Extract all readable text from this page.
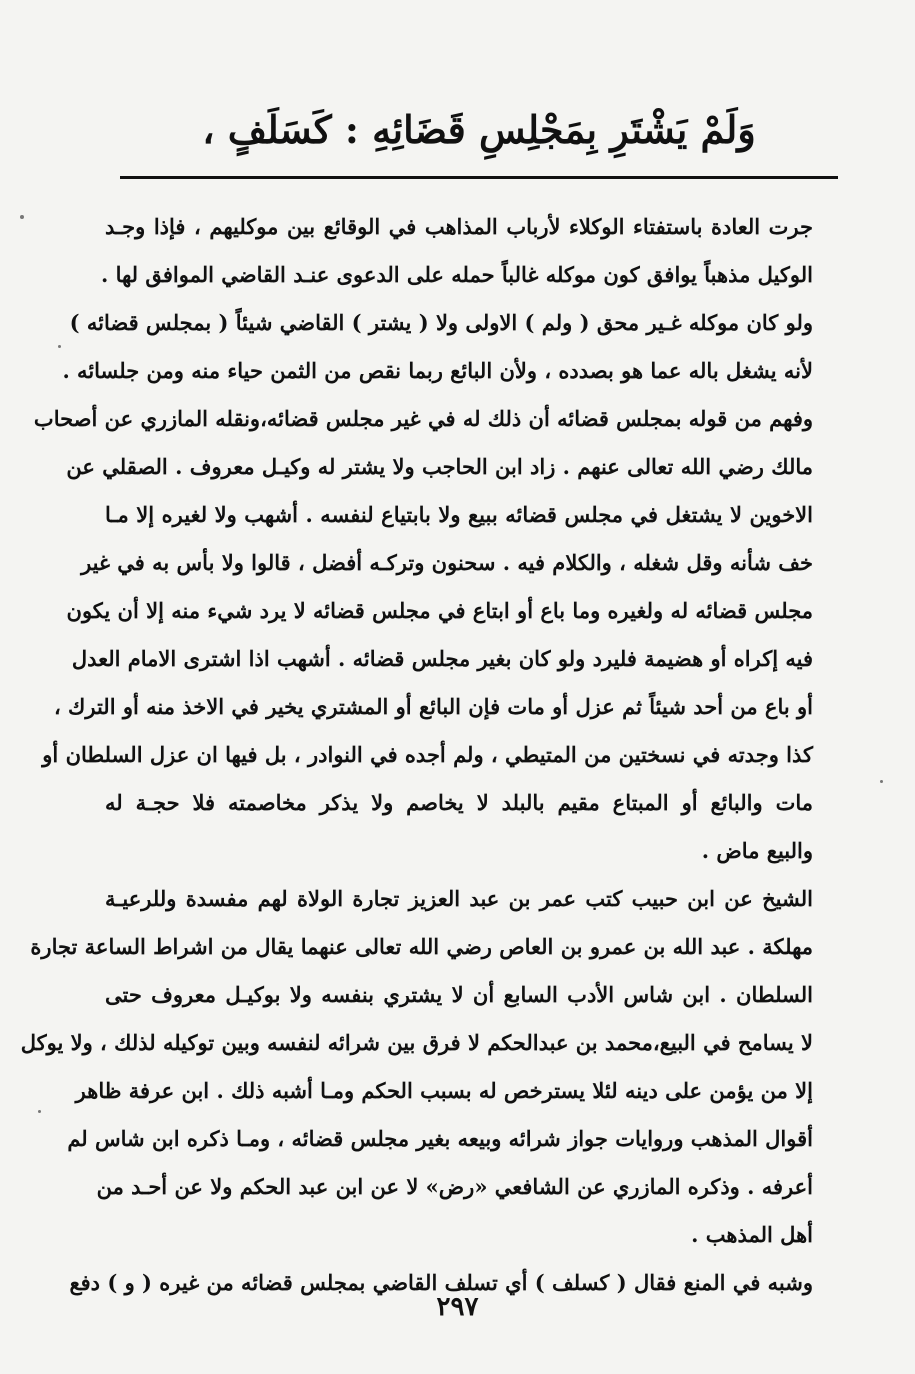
وَلَمْ يَشْتَرِ بِمَجْلِسِ قَضَائِهِ : كَسَلَفٍ ،
جرت العادة باستفتاء الوكلاء لأرباب المذاهب في الوقائع بين موكليهم ، فإذا وجـد
الوكيل مذهباً يوافق كون موكله غالباً حمله على الدعوى عنـد القاضي الموافق لها .
ولو كان موكله غـير محق ( ولم ) الاولى ولا ( يشتر ) القاضي شيئاً ( بمجلس قضائه )
لأنه يشغل باله عما هو بصدده ، ولأن البائع ربما نقص من الثمن حياء منه ومن جلسائه .
وفهم من قوله بمجلس قضائه أن ذلك له في غير مجلس قضائه،ونقله المازري عن أصحاب
مالك رضي الله تعالى عنهم . زاد ابن الحاجب ولا يشتر له وكيـل معروف . الصقلي عن
الاخوين لا يشتغل في مجلس قضائه ببيع ولا بابتياع لنفسه . أشهب ولا لغيره إلا مـا
خف شأنه وقل شغله ، والكلام فيه . سحنون وتركـه أفضل ، قالوا ولا بأس به في غير
مجلس قضائه له ولغيره وما باع أو ابتاع في مجلس قضائه لا يرد شيء منه إلا أن يكون
فيه إكراه أو هضيمة فليرد ولو كان بغير مجلس قضائه . أشهب اذا اشترى الامام العدل
أو باع من أحد شيئاً ثم عزل أو مات فإن البائع أو المشتري يخير في الاخذ منه أو الترك ،
كذا وجدته في نسختين من المتيطي ، ولم أجده في النوادر ، بل فيها ان عزل السلطان أو
مات والبائع أو المبتاع مقيم بالبلد لا يخاصم ولا يذكر مخاصمته فلا حجـة له
والبيع ماض .
الشيخ عن ابن حبيب كتب عمر بن عبد العزيز تجارة الولاة لهم مفسدة وللرعيـة
مهلكة . عبد الله بن عمرو بن العاص رضي الله تعالى عنهما يقال من اشراط الساعة تجارة
السلطان . ابن شاس الأدب السابع أن لا يشتري بنفسه ولا بوكيـل معروف حتى
لا يسامح في البيع،محمد بن عبدالحكم لا فرق بين شرائه لنفسه وبين توكيله لذلك ، ولا يوكل
إلا من يؤمن على دينه لئلا يسترخص له بسبب الحكم ومـا أشبه ذلك . ابن عرفة ظاهر
أقوال المذهب وروايات جواز شرائه وبيعه بغير مجلس قضائه ، ومـا ذكره ابن شاس لم
أعرفه . وذكره المازري عن الشافعي «رض» لا عن ابن عبد الحكم ولا عن أحـد من
أهل المذهب .
وشبه في المنع فقال ( كسلف ) أي تسلف القاضي بمجلس قضائه من غيره ( و ) دفع
٢٩٧
